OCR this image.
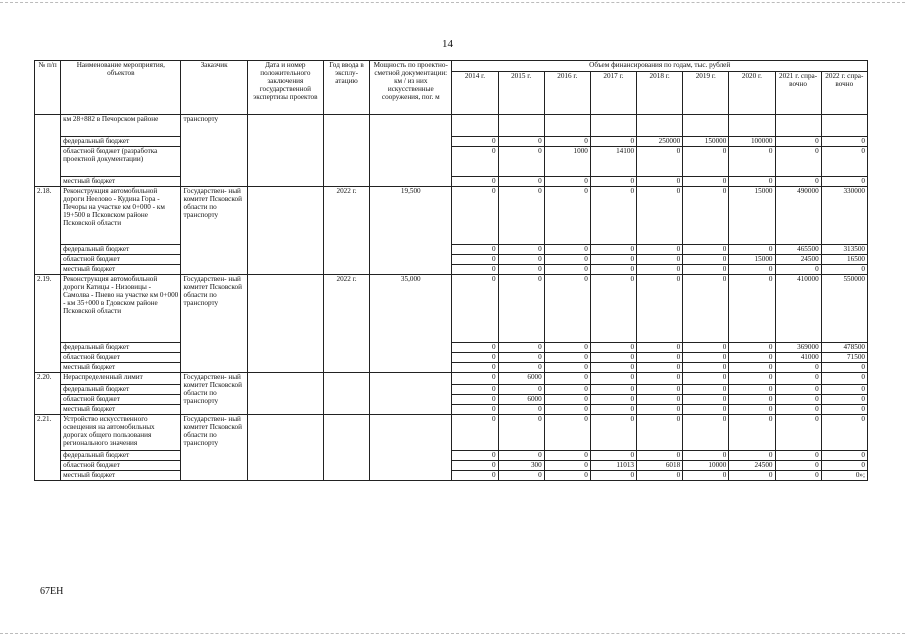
14
№ п/п	Наименование мероприятия, объектов	Заказчик	Дата и номер положительного заключения государственной экспертизы проектов	Год ввода в эксплу- атацию	Мощность по проектно-сметной документации: км / из них искусственные сооружения, пог. м	Объем финансирования по годам, тыс. рублей								
						2014 г.	2015 г.	2016 г.	2017 г.	2018 г.	2019 г.	2020 г.	2021 г. спра- вочно	2022 г. спра- вочно
	км 28+882 в Печорском районе	транспорту												
	федеральный бюджет					0	0	0	0	250000	150000	100000	0	0
	областной бюджет (разработка проектной документации)					0	0	1000	14100	0	0	0	0	0
	местный бюджет					0	0	0	0	0	0	0	0	0
2.18.	Реконструкция автомобильной дороги Неелово - Кудина Гора - Печоры на участке км 0+000 - км 19+500 в Псковском районе Псковской области	Государствен- ный комитет Псковской области по транспорту		2022 г.	19,500	0	0	0	0	0	0	15000	490000	330000
	федеральный бюджет					0	0	0	0	0	0	0	465500	313500
	областной бюджет					0	0	0	0	0	0	15000	24500	16500
	местный бюджет					0	0	0	0	0	0	0	0	0
2.19.	Реконструкция автомобильной дороги Катицы - Низовицы - Самолва - Пнево на участке км 0+000 - км 35+000 в Гдовском районе Псковской области	Государствен- ный комитет Псковской области по транспорту		2022 г.	35,000	0	0	0	0	0	0	0	410000	550000
	федеральный бюджет					0	0	0	0	0	0	0	369000	478500
	областной бюджет					0	0	0	0	0	0	0	41000	71500
	местный бюджет					0	0	0	0	0	0	0	0	0
2.20.	Нераспределенный лимит	Государствен- ный комитет Псковской области по транспорту				0	6000	0	0	0	0	0	0	0
	федеральный бюджет					0	0	0	0	0	0	0	0	0
	областной бюджет					0	6000	0	0	0	0	0	0	0
	местный бюджет					0	0	0	0	0	0	0	0	0
2.21.	Устройство искусственного освещения на автомобильных дорогах общего пользования регионального значения	Государствен- ный комитет Псковской области по транспорту				0	0	0	0	0	0	0	0	0
	федеральный бюджет					0	0	0	0	0	0	0	0	0
	областной бюджет					0	300	0	11013	6018	10000	24500	0	0
	местный бюджет					0	0	0	0	0	0	0	0	0»;
67ЕН
